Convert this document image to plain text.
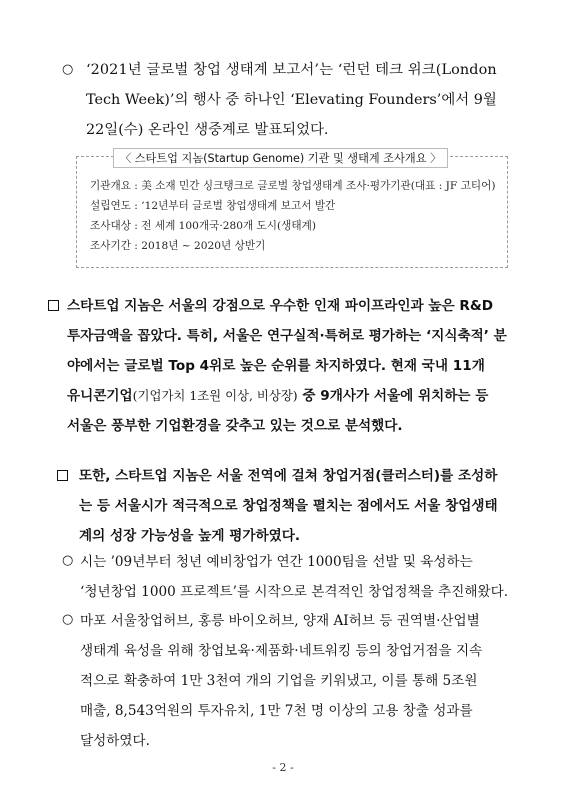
○ ‘2021년 글로벌 창업 생태계 보고서’는 ‘런던 테크 위크(London
Tech Week)’의 행사 중 하나인 ‘Elevating Founders’에서 9월
22일(수) 온라인 생중계로 발표되었다.
〈 스타트업 지놈(Startup Genome) 기관 및 생태계 조사개요 〉
기관개요 : 美 소재 민간 싱크탱크로 글로벌 창업생태계 조사·평가기관(대표 : JF 고티어)
설립연도 : ’12년부터 글로벌 창업생태계 보고서 발간
조사대상 : 전 세계 100개국·280개 도시(생태계)
조사기간 : 2018년 ~ 2020년 상반기
스타트업 지놈은 서울의 강점으로 우수한 인재 파이프라인과 높은 R&D
투자금액을 꼽았다. 특히, 서울은 연구실적·특허로 평가하는 ‘지식축적’ 분
야에서는 글로벌 Top 4위로 높은 순위를 차지하였다. 현재 국내 11개
유니콘기업(기업가치 1조원 이상, 비상장) 중 9개사가 서울에 위치하는 등
서울은 풍부한 기업환경을 갖추고 있는 것으로 분석했다.
또한, 스타트업 지놈은 서울 전역에 걸쳐 창업거점(클러스터)를 조성하
는 등 서울시가 적극적으로 창업정책을 펼치는 점에서도 서울 창업생태
계의 성장 가능성을 높게 평가하였다.
○ 시는 ’09년부터 청년 예비창업가 연간 1000팀을 선발 및 육성하는
‘청년창업 1000 프로젝트’를 시작으로 본격적인 창업정책을 추진해왔다.
○ 마포 서울창업허브, 홍릉 바이오허브, 양재 AI허브 등 권역별·산업별
생태계 육성을 위해 창업보육·제품화·네트워킹 등의 창업거점을 지속
적으로 확충하여 1만 3천여 개의 기업을 키워냈고, 이를 통해 5조원
매출, 8,543억원의 투자유치, 1만 7천 명 이상의 고용 창출 성과를
달성하였다.
- 2 -
